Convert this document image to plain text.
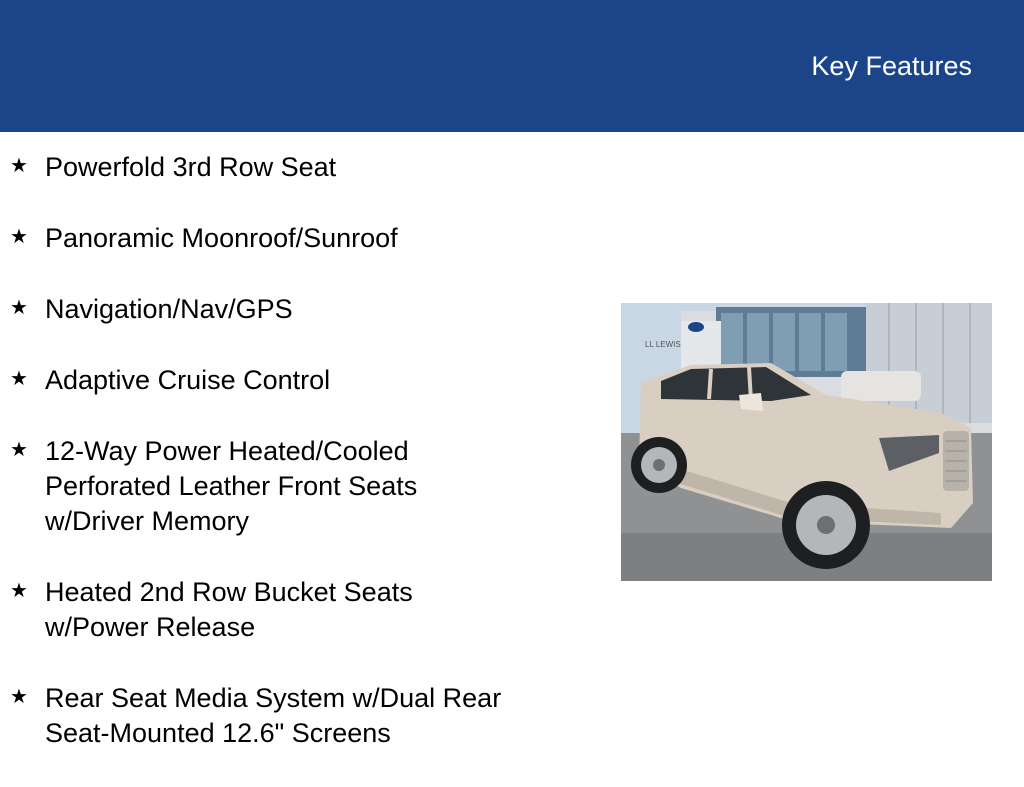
Key Features
★ Powerfold 3rd Row Seat
★ Panoramic Moonroof/Sunroof
★ Navigation/Nav/GPS
★ Adaptive Cruise Control
★ 12-Way Power Heated/Cooled
Perforated Leather Front Seats
w/Driver Memory
★ Heated 2nd Row Bucket Seats
w/Power Release
★ Rear Seat Media System w/Dual Rear
Seat-Mounted 12.6" Screens
LL LEWIS
